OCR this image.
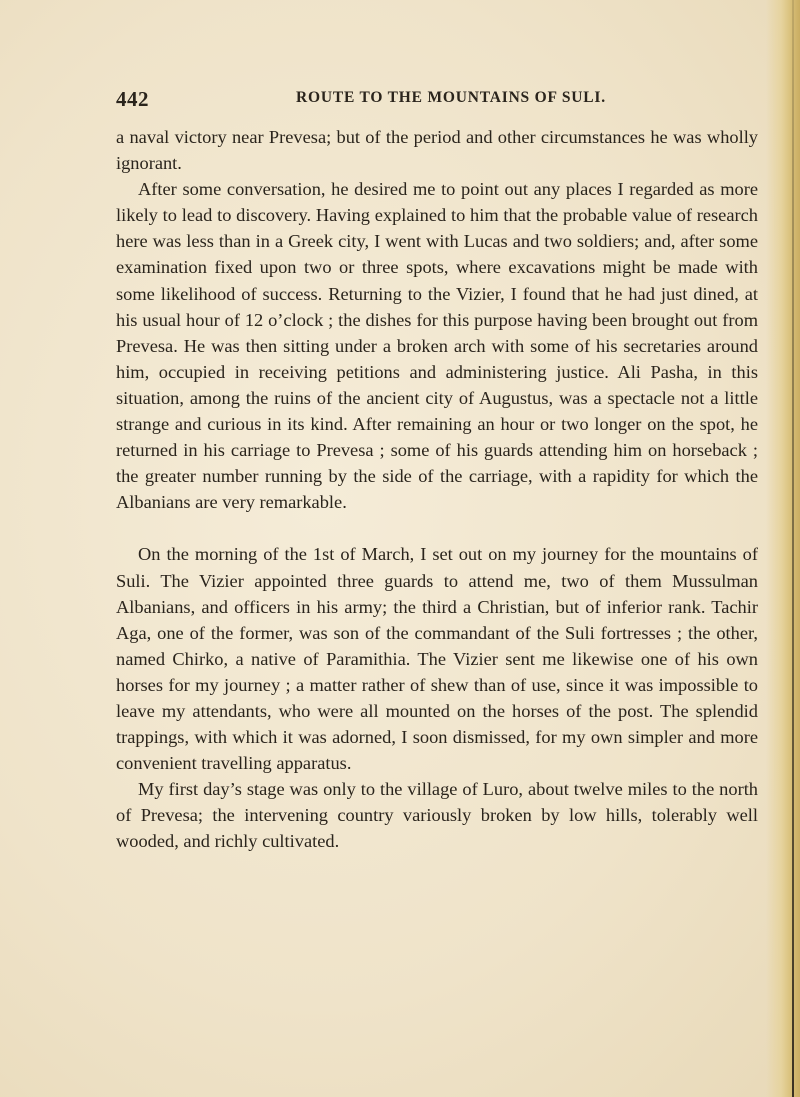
442	ROUTE TO THE MOUNTAINS OF SULI.

a naval victory near Prevesa; but of the period and other circumstances he was wholly ignorant.

After some conversation, he desired me to point out any places I regarded as more likely to lead to discovery. Having explained to him that the probable value of research here was less than in a Greek city, I went with Lucas and two soldiers; and, after some examination fixed upon two or three spots, where excavations might be made with some likelihood of success. Returning to the Vizier, I found that he had just dined, at his usual hour of 12 o’clock ; the dishes for this purpose having been brought out from Prevesa. He was then sitting under a broken arch with some of his secretaries around him, occupied in receiving petitions and administering justice. Ali Pasha, in this situation, among the ruins of the ancient city of Augustus, was a spectacle not a little strange and curious in its kind. After remaining an hour or two longer on the spot, he returned in his carriage to Prevesa ; some of his guards attending him on horseback ; the greater number running by the side of the carriage, with a rapidity for which the Albanians are very remarkable.

On the morning of the 1st of March, I set out on my journey for the mountains of Suli. The Vizier appointed three guards to attend me, two of them Mussulman Albanians, and officers in his army; the third a Christian, but of inferior rank. Tachir Aga, one of the former, was son of the commandant of the Suli fortresses ; the other, named Chirko, a native of Paramithia. The Vizier sent me likewise one of his own horses for my journey ; a matter rather of shew than of use, since it was impossible to leave my attendants, who were all mounted on the horses of the post. The splendid trappings, with which it was adorned, I soon dismissed, for my own simpler and more convenient travelling apparatus.

My first day’s stage was only to the village of Luro, about twelve miles to the north of Prevesa; the intervening country variously broken by low hills, tolerably well wooded, and richly cultivated.
